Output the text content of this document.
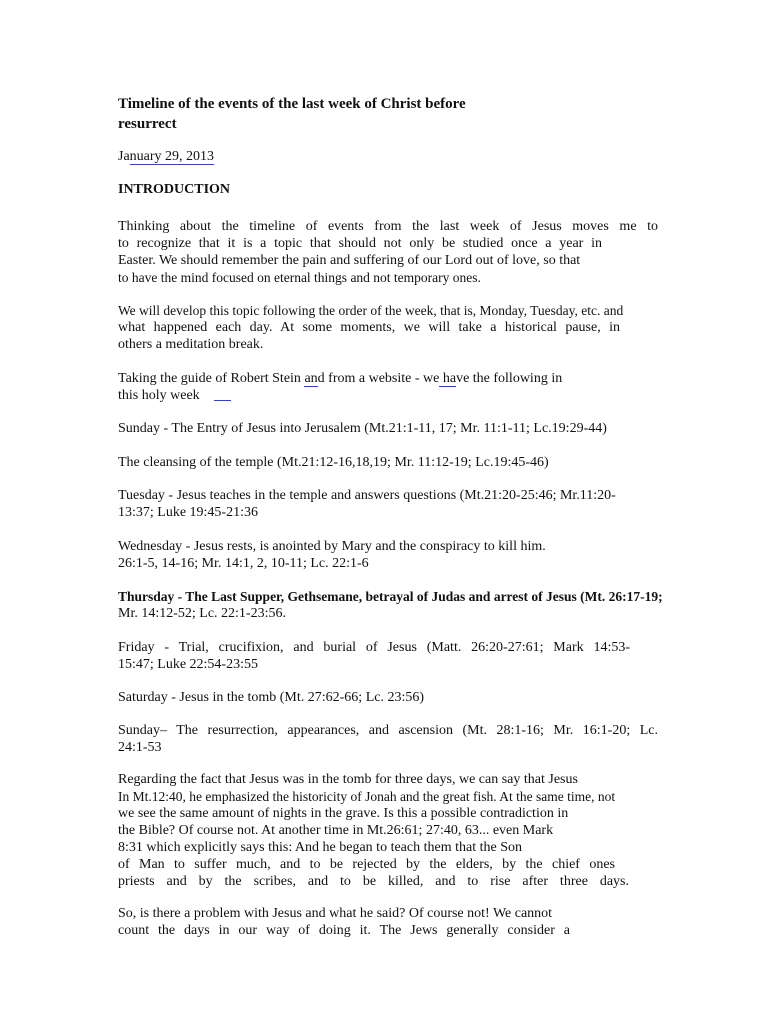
Timeline of the events of the last week of Christ before
resurrect
January 29, 2013
INTRODUCTION
Thinking about the timeline of events from the last week of Jesus moves me to
to recognize that it is a topic that should not only be studied once a year in
Easter. We should remember the pain and suffering of our Lord out of love, so that
to have the mind focused on eternal things and not temporary ones.
We will develop this topic following the order of the week, that is, Monday, Tuesday, etc. and
what happened each day. At some moments, we will take a historical pause, in
others a meditation break.
Taking the guide of Robert Stein and from a website - we have the following in
this holy week
Sunday - The Entry of Jesus into Jerusalem (Mt.21:1-11, 17; Mr. 11:1-11; Lc.19:29-44)
The cleansing of the temple (Mt.21:12-16,18,19; Mr. 11:12-19; Lc.19:45-46)
Tuesday - Jesus teaches in the temple and answers questions (Mt.21:20-25:46; Mr.11:20-
13:37; Luke 19:45-21:36
Wednesday - Jesus rests, is anointed by Mary and the conspiracy to kill him.
26:1-5, 14-16; Mr. 14:1, 2, 10-11; Lc. 22:1-6
Thursday - The Last Supper, Gethsemane, betrayal of Judas and arrest of Jesus (Mt. 26:17-19;
Mr. 14:12-52; Lc. 22:1-23:56.
Friday - Trial, crucifixion, and burial of Jesus (Matt. 26:20-27:61; Mark 14:53-
15:47; Luke 22:54-23:55
Saturday - Jesus in the tomb (Mt. 27:62-66; Lc. 23:56)
Sunday– The resurrection, appearances, and ascension (Mt. 28:1-16; Mr. 16:1-20; Lc.
24:1-53
Regarding the fact that Jesus was in the tomb for three days, we can say that Jesus
In Mt.12:40, he emphasized the historicity of Jonah and the great fish. At the same time, not
we see the same amount of nights in the grave. Is this a possible contradiction in
the Bible? Of course not. At another time in Mt.26:61; 27:40, 63... even Mark
8:31 which explicitly says this: And he began to teach them that the Son
of Man to suffer much, and to be rejected by the elders, by the chief ones
priests and by the scribes, and to be killed, and to rise after three days.
So, is there a problem with Jesus and what he said? Of course not! We cannot
count the days in our way of doing it. The Jews generally consider a
